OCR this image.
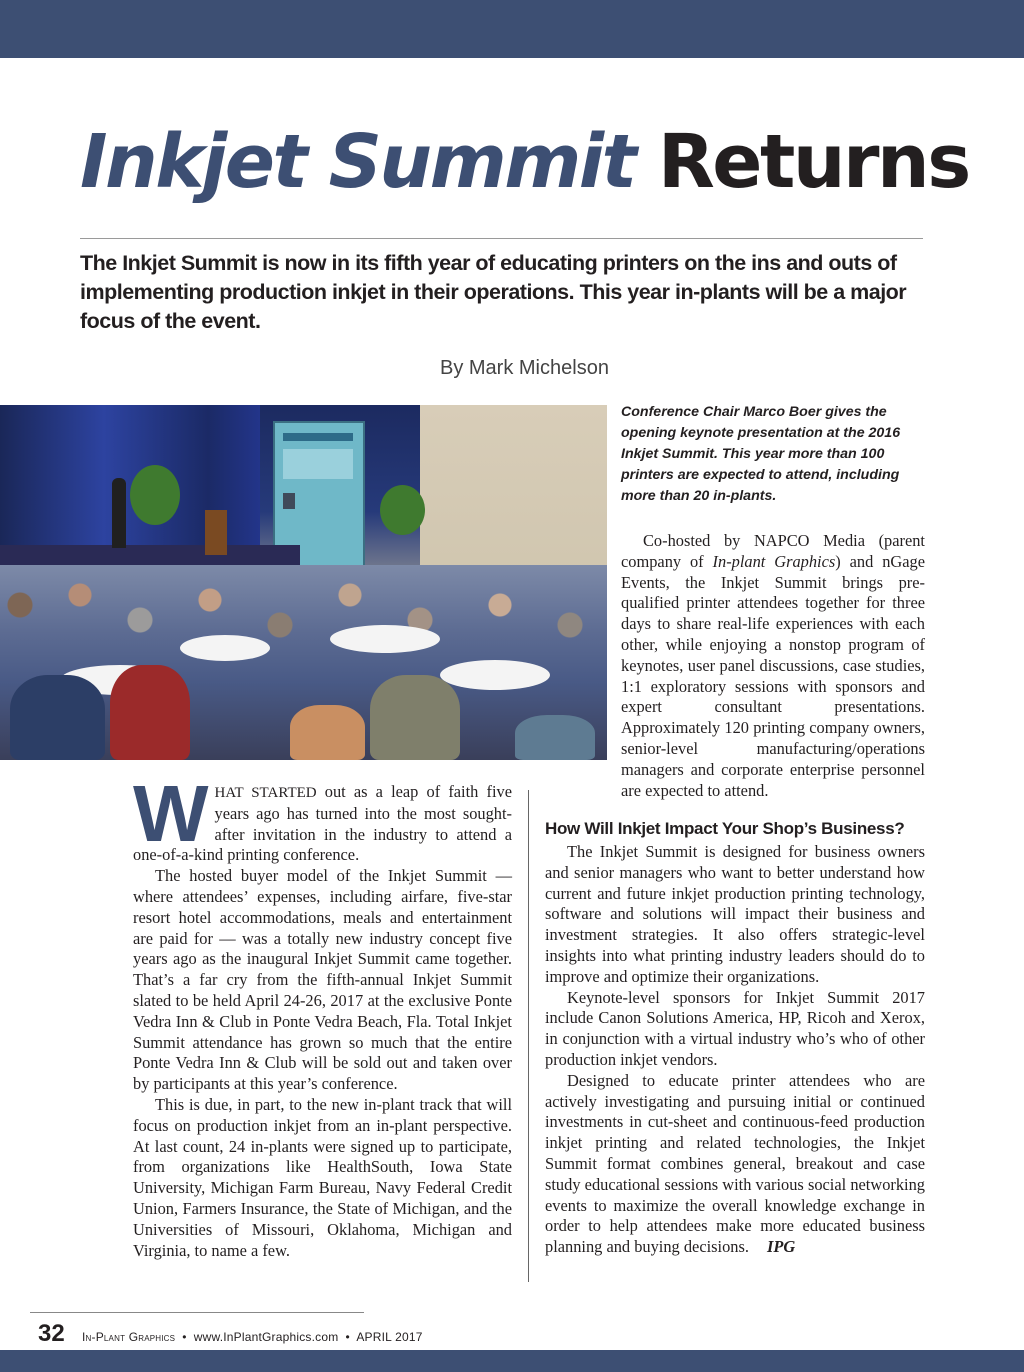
Inkjet Summit Returns
The Inkjet Summit is now in its fifth year of educating printers on the ins and outs of implementing production inkjet in their operations. This year in-plants will be a major focus of the event.
By Mark Michelson
Conference Chair Marco Boer gives the opening keynote presentation at the 2016 Inkjet Summit. This year more than 100 printers are expected to attend, including more than 20 in-plants.

Co-hosted by NAPCO Media (parent company of In-plant Graphics) and nGage Events, the Inkjet Summit brings pre-qualified printer attendees together for three days to share real-life experiences with each other, while enjoying a nonstop program of keynotes, user panel discussions, case studies, 1:1 exploratory sessions with sponsors and expert consultant presentations. Approximately 120 printing company owners, senior-level manufacturing/operations managers and corporate enterprise personnel are expected to attend.

WHAT STARTED out as a leap of faith five years ago has turned into the most sought-after invitation in the industry to attend a one-of-a-kind printing conference.

The hosted buyer model of the Inkjet Summit — where attendees’ expenses, including airfare, five-star resort hotel accommodations, meals and entertainment are paid for — was a totally new industry concept five years ago as the inaugural Inkjet Summit came together. That’s a far cry from the fifth-annual Inkjet Summit slated to be held April 24-26, 2017 at the exclusive Ponte Vedra Inn & Club in Ponte Vedra Beach, Fla. Total Inkjet Summit attendance has grown so much that the entire Ponte Vedra Inn & Club will be sold out and taken over by participants at this year’s conference.

This is due, in part, to the new in-plant track that will focus on production inkjet from an in-plant perspective. At last count, 24 in-plants were signed up to participate, from organizations like HealthSouth, Iowa State University, Michigan Farm Bureau, Navy Federal Credit Union, Farmers Insurance, the State of Michigan, and the Universities of Missouri, Oklahoma, Michigan and Virginia, to name a few.

How Will Inkjet Impact Your Shop’s Business?

The Inkjet Summit is designed for business owners and senior managers who want to better understand how current and future inkjet production printing technology, software and solutions will impact their business and investment strategies. It also offers strategic-level insights into what printing industry leaders should do to improve and optimize their organizations.

Keynote-level sponsors for Inkjet Summit 2017 include Canon Solutions America, HP, Ricoh and Xerox, in conjunction with a virtual industry who’s who of other production inkjet vendors.

Designed to educate printer attendees who are actively investigating and pursuing initial or continued investments in cut-sheet and continuous-feed production inkjet printing and related technologies, the Inkjet Summit format combines general, breakout and case study educational sessions with various social networking events to maximize the overall knowledge exchange in order to help attendees make more educated business planning and buying decisions. IPG

32 In-Plant Graphics • www.InPlantGraphics.com • APRIL 2017
